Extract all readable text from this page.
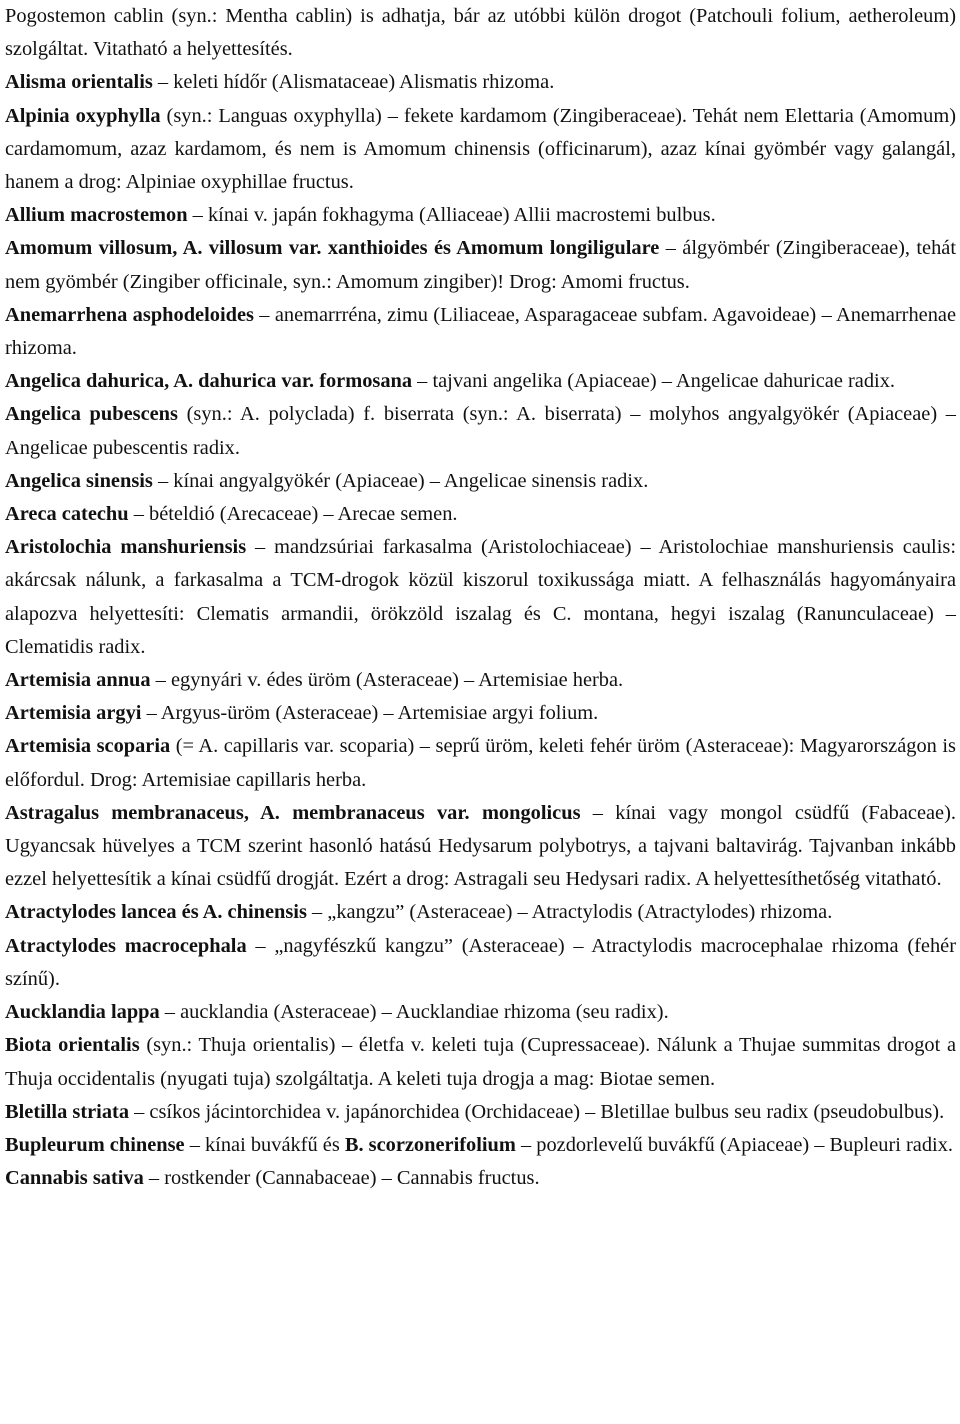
Pogostemon cablin (syn.: Mentha cablin) is adhatja, bár az utóbbi külön drogot (Patchouli folium, aetheroleum) szolgáltat. Vitatható a helyettesítés.

Alisma orientalis – keleti hídőr (Alismataceae) Alismatis rhizoma.

Alpinia oxyphylla (syn.: Languas oxyphylla) – fekete kardamom (Zingiberaceae). Tehát nem Elettaria (Amomum) cardamomum, azaz kardamom, és nem is Amomum chinensis (officinarum), azaz kínai gyömbér vagy galangál, hanem a drog: Alpiniae oxyphillae fructus.

Allium macrostemon – kínai v. japán fokhagyma (Alliaceae) Allii macrostemi bulbus.

Amomum villosum, A. villosum var. xanthioides és Amomum longiligulare – álgyömbér (Zingiberaceae), tehát nem gyömbér (Zingiber officinale, syn.: Amomum zingiber)! Drog: Amomi fructus.

Anemarrhena asphodeloides – anemarrréna, zimu (Liliaceae, Asparagaceae subfam. Agavoideae) – Anemarrhenae rhizoma.

Angelica dahurica, A. dahurica var. formosana – tajvani angelika (Apiaceae) – Angelicae dahuricae radix.

Angelica pubescens (syn.: A. polyclada) f. biserrata (syn.: A. biserrata) – molyhos angyalgyökér (Apiaceae) – Angelicae pubescentis radix.

Angelica sinensis – kínai angyalgyökér (Apiaceae) – Angelicae sinensis radix.

Areca catechu – bételdió (Arecaceae) – Arecae semen.

Aristolochia manshuriensis – mandzsúriai farkasalma (Aristolochiaceae) – Aristolochiae manshuriensis caulis: akárcsak nálunk, a farkasalma a TCM-drogok közül kiszorul toxikussága miatt. A felhasználás hagyományaira alapozva helyettesíti: Clematis armandii, örökzöld iszalag és C. montana, hegyi iszalag (Ranunculaceae) – Clematidis radix.

Artemisia annua – egynyári v. édes üröm (Asteraceae) – Artemisiae herba.

Artemisia argyi – Argyus-üröm (Asteraceae) – Artemisiae argyi folium.

Artemisia scoparia (= A. capillaris var. scoparia) – seprű üröm, keleti fehér üröm (Asteraceae): Magyarországon is előfordul. Drog: Artemisiae capillaris herba.

Astragalus membranaceus, A. membranaceus var. mongolicus – kínai vagy mongol csüdfű (Fabaceae). Ugyancsak hüvelyes a TCM szerint hasonló hatású Hedysarum polybotrys, a tajvani baltavirág. Tajvanban inkább ezzel helyettesítik a kínai csüdfű drogját. Ezért a drog: Astragali seu Hedysari radix. A helyettesíthetőség vitatható.

Atractylodes lancea és A. chinensis – „kangzu” (Asteraceae) – Atractylodis (Atractylodes) rhizoma.

Atractylodes macrocephala – „nagyfészkű kangzu” (Asteraceae) – Atractylodis macrocephalae rhizoma (fehér színű).

Aucklandia lappa – aucklandia (Asteraceae) – Aucklandiae rhizoma (seu radix).

Biota orientalis (syn.: Thuja orientalis) – életfa v. keleti tuja (Cupressaceae). Nálunk a Thujae summitas drogot a Thuja occidentalis (nyugati tuja) szolgáltatja. A keleti tuja drogja a mag: Biotae semen.

Bletilla striata – csíkos jácintorchidea v. japánorchidea (Orchidaceae) – Bletillae bulbus seu radix (pseudobulbus).

Bupleurum chinense – kínai buvákfű és B. scorzonerifolium – pozdorlevelű buvákfű (Apiaceae) – Bupleuri radix.

Cannabis sativa – rostkender (Cannabaceae) – Cannabis fructus.
